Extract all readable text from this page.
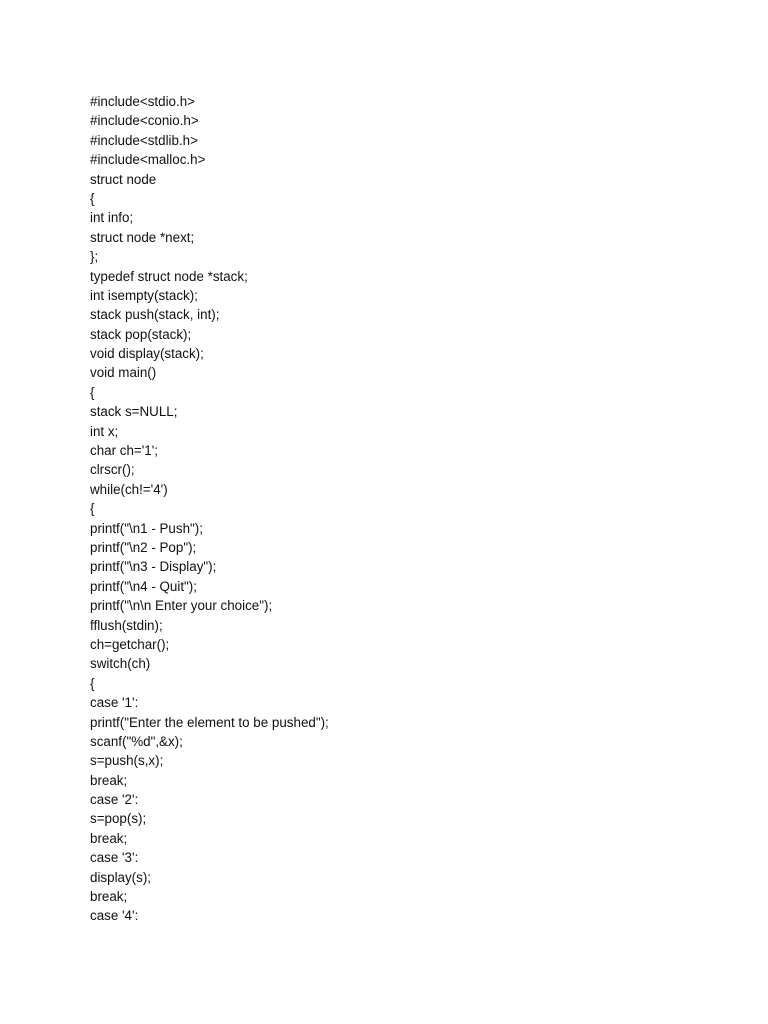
#include<stdio.h>
#include<conio.h>
#include<stdlib.h>
#include<malloc.h>
struct node
{
int info;
struct node *next;
};
typedef struct node *stack;
int isempty(stack);
stack push(stack, int);
stack pop(stack);
void display(stack);
void main()
{
stack s=NULL;
int x;
char ch='1';
clrscr();
while(ch!='4')
{
printf("\n1 - Push");
printf("\n2 - Pop");
printf("\n3 - Display");
printf("\n4 - Quit");
printf("\n\n Enter your choice");
fflush(stdin);
ch=getchar();
switch(ch)
{
case '1':
printf("Enter the element to be pushed");
scanf("%d",&x);
s=push(s,x);
break;
case '2':
s=pop(s);
break;
case '3':
display(s);
break;
case '4':
